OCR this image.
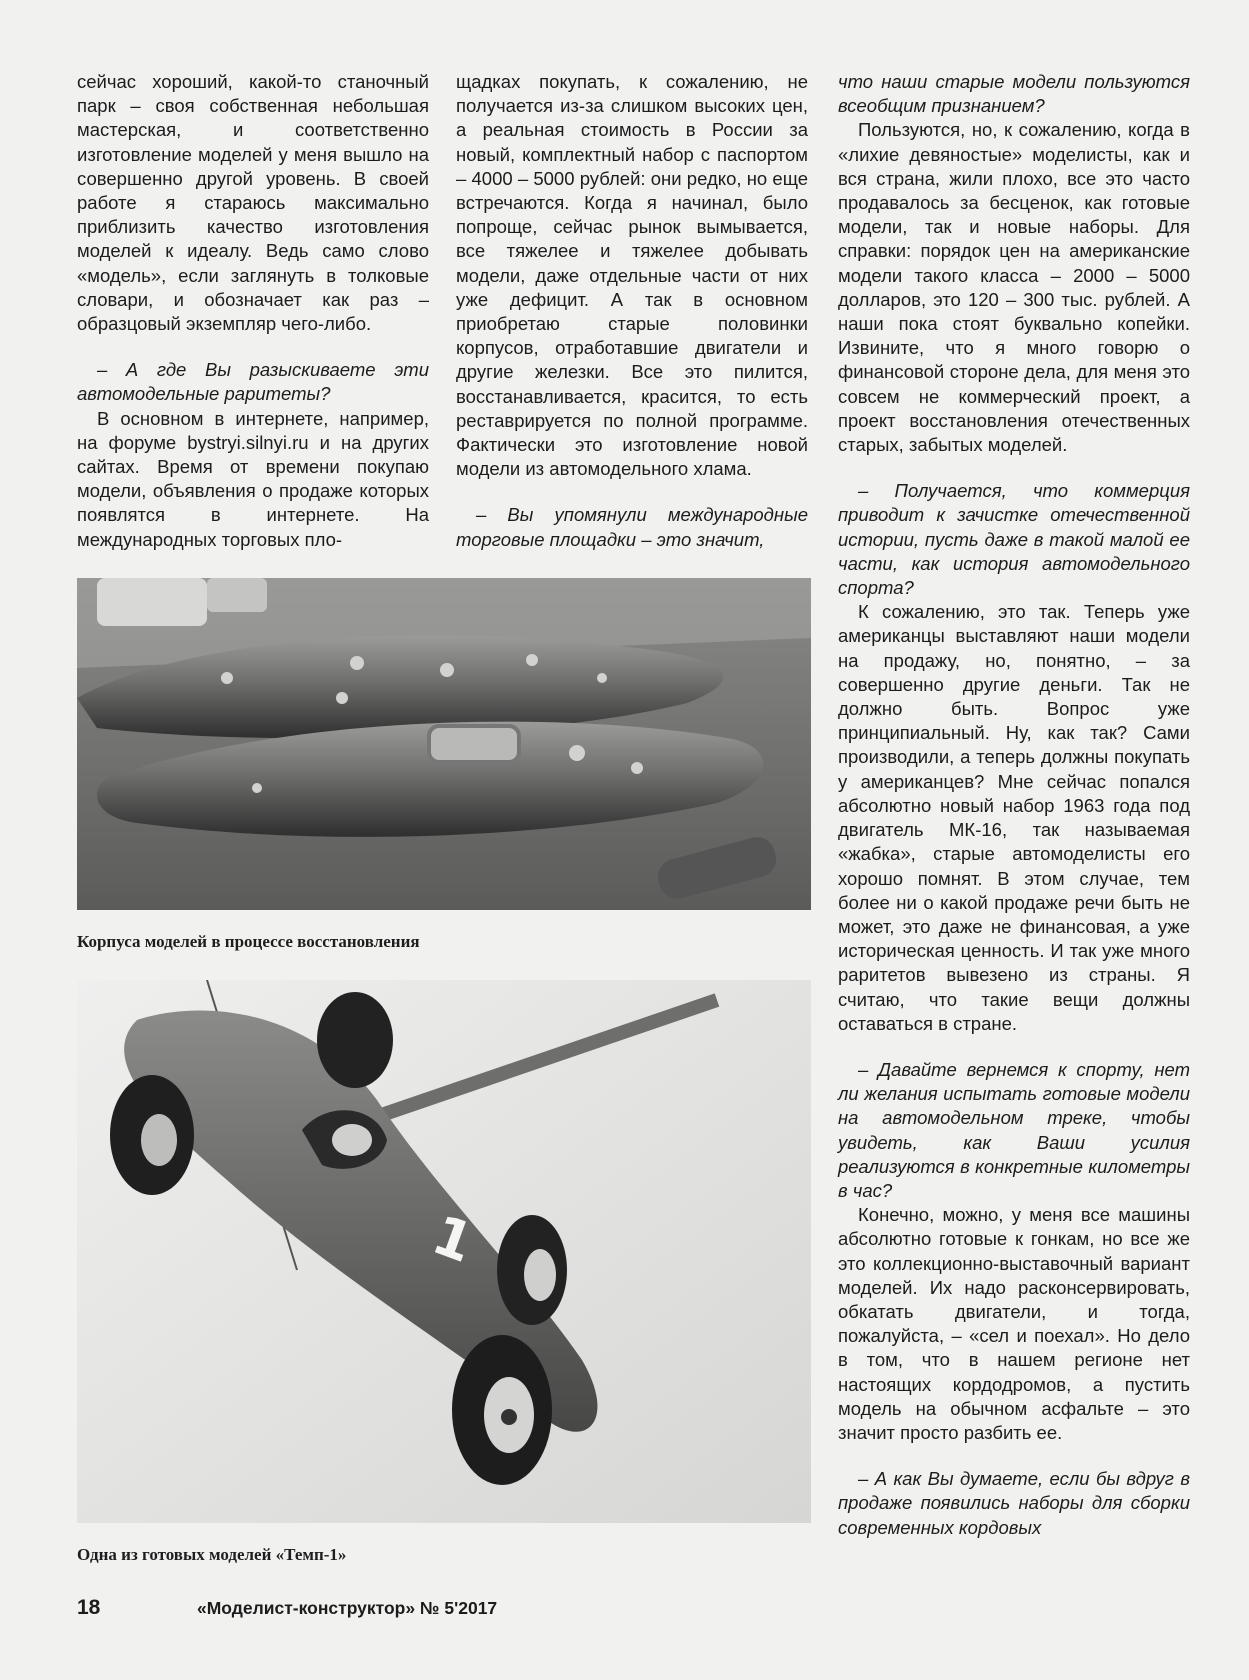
сейчас хороший, какой-то станочный парк – своя собственная небольшая мастерская, и соответственно изготовление моделей у меня вышло на совершенно другой уровень. В своей работе я стараюсь максимально приблизить качество изготовления моделей к идеалу. Ведь само слово «модель», если заглянуть в толковые словари, и обозначает как раз – образцовый экземпляр чего-либо.

– А где Вы разыскиваете эти автомодельные раритеты?

В основном в интернете, например, на форуме bystryi.silnyi.ru и на других сайтах. Время от времени покупаю модели, объявления о продаже которых появлятся в интернете. На международных торговых пло-

щадках покупать, к сожалению, не получается из-за слишком высоких цен, а реальная стоимость в России за новый, комплектный набор с паспортом – 4000 – 5000 рублей: они редко, но еще встречаются. Когда я начинал, было попроще, сейчас рынок вымывается, все тяжелее и тяжелее добывать модели, даже отдельные части от них уже дефицит. А так в основном приобретаю старые половинки корпусов, отработавшие двигатели и другие железки. Все это пилится, восстанавливается, красится, то есть реставрируется по полной программе. Фактически это изготовление новой модели из автомодельного хлама.

– Вы упомянули международные торговые площадки – это значит,

что наши старые модели пользуются всеобщим признанием?

Пользуются, но, к сожалению, когда в «лихие девяностые» моделисты, как и вся страна, жили плохо, все это часто продавалось за бесценок, как готовые модели, так и новые наборы. Для справки: порядок цен на американские модели такого класса – 2000 – 5000 долларов, это 120 – 300 тыс. рублей. А наши пока стоят буквально копейки. Извините, что я много говорю о финансовой стороне дела, для меня это совсем не коммерческий проект, а проект восстановления отечественных старых, забытых моделей.

– Получается, что коммерция приводит к зачистке отечественной истории, пусть даже в такой малой ее части, как история автомодельного спорта?

К сожалению, это так. Теперь уже американцы выставляют наши модели на продажу, но, понятно, – за совершенно другие деньги. Так не должно быть. Вопрос уже принципиальный. Ну, как так? Сами производили, а теперь должны покупать у американцев? Мне сейчас попался абсолютно новый набор 1963 года под двигатель МК-16, так называемая «жабка», старые автомоделисты его хорошо помнят. В этом случае, тем более ни о какой продаже речи быть не может, это даже не финансовая, а уже историческая ценность. И так уже много раритетов вывезено из страны. Я считаю, что такие вещи должны оставаться в стране.

– Давайте вернемся к спорту, нет ли желания испытать готовые модели на автомодельном треке, чтобы увидеть, как Ваши усилия реализуются в конкретные километры в час?

Конечно, можно, у меня все машины абсолютно готовые к гонкам, но все же это коллекционно-выставочный вариант моделей. Их надо расконсервировать, обкатать двигатели, и тогда, пожалуйста, – «сел и поехал». Но дело в том, что в нашем регионе нет настоящих кордодромов, а пустить модель на обычном асфальте – это значит просто разбить ее.

– А как Вы думаете, если бы вдруг в продаже появились наборы для сборки современных кордовых

Корпуса моделей в процессе восстановления
1
Одна из готовых моделей «Темп-1»
18	«Моделист-конструктор» № 5'2017
